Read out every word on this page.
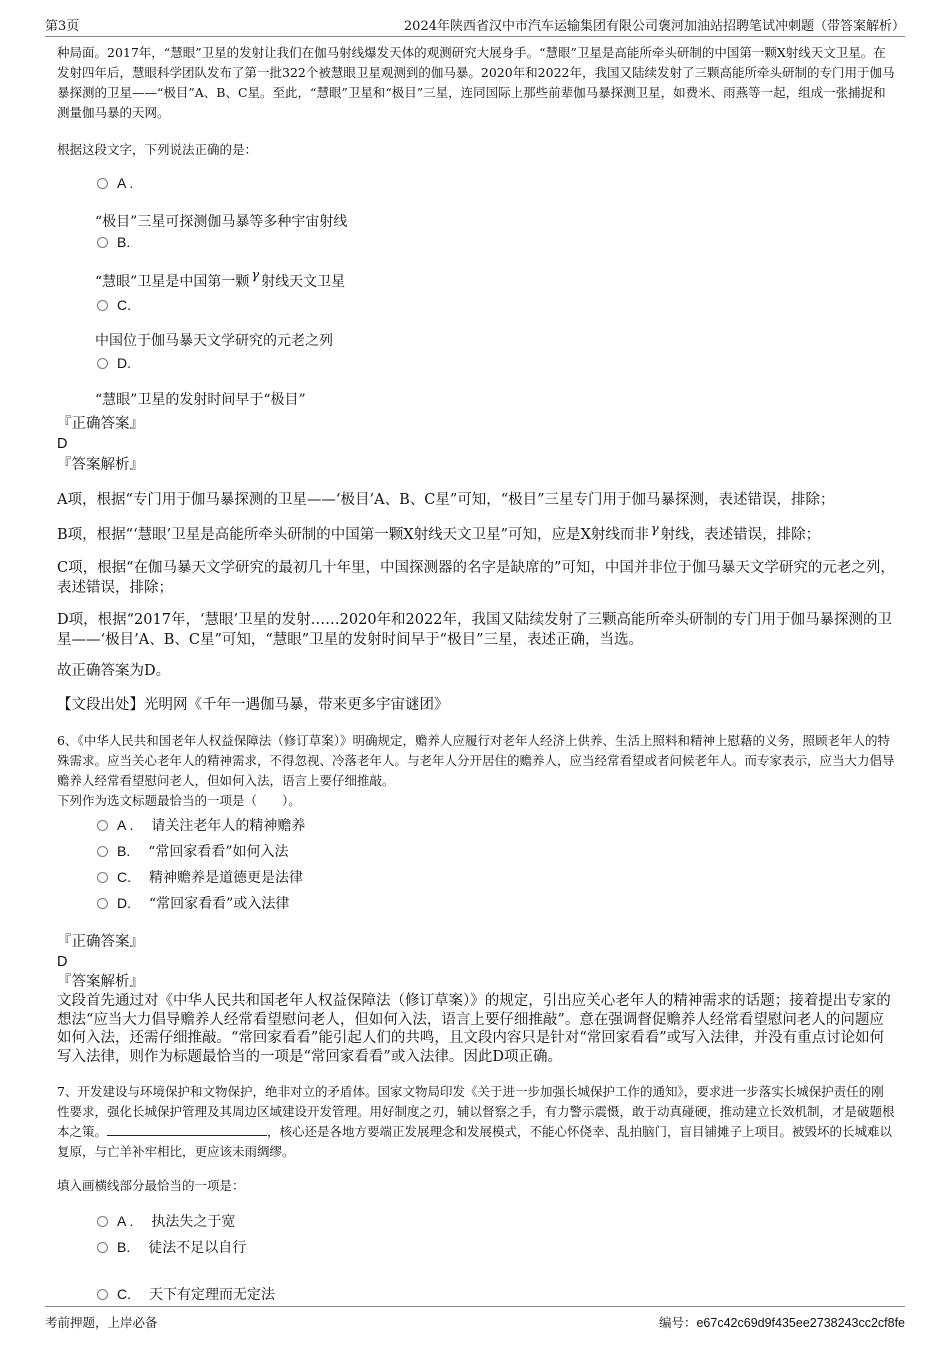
第3页	2024年陕西省汉中市汽车运输集团有限公司褒河加油站招聘笔试冲刺题（带答案解析）

种局面。2017年，“慧眼”卫星的发射让我们在伽马射线爆发天体的观测研究大展身手。“慧眼”卫星是高能所牵头研制的中国第一颗X射线天文卫星。在发射四年后，慧眼科学团队发布了第一批322个被慧眼卫星观测到的伽马暴。2020年和2022年，我国又陆续发射了三颗高能所牵头研制的专门用于伽马暴探测的卫星——“极目”A、B、C星。至此，“慧眼”卫星和“极目”三星，连同国际上那些前辈伽马暴探测卫星，如费米、雨燕等一起，组成一张捕捉和测量伽马暴的天网。

根据这段文字，下列说法正确的是：

A .
“极目”三星可探测伽马暴等多种宇宙射线
B.
“慧眼”卫星是中国第一颗 γ 射线天文卫星
C.
中国位于伽马暴天文学研究的元老之列
D.
“慧眼”卫星的发射时间早于“极目”
『正确答案』
D
『答案解析』

A项，根据“专门用于伽马暴探测的卫星——‘极目’A、B、C星”可知，“极目”三星专门用于伽马暴探测，表述错误，排除；

B项，根据“‘慧眼’卫星是高能所牵头研制的中国第一颗X射线天文卫星”可知，应是X射线而非 γ 射线，表述错误，排除；

C项，根据“在伽马暴天文学研究的最初几十年里，中国探测器的名字是缺席的”可知，中国并非位于伽马暴天文学研究的元老之列，表述错误，排除；

D项，根据“2017年，‘慧眼’卫星的发射……2020年和2022年，我国又陆续发射了三颗高能所牵头研制的专门用于伽马暴探测的卫星——‘极目’A、B、C星”可知，“慧眼”卫星的发射时间早于“极目”三星，表述正确，当选。

故正确答案为D。

【文段出处】光明网《千年一遇伽马暴，带来更多宇宙谜团》

6、《中华人民共和国老年人权益保障法（修订草案）》明确规定，赡养人应履行对老年人经济上供养、生活上照料和精神上慰藉的义务，照顾老年人的特殊需求。应当关心老年人的精神需求，不得忽视、冷落老年人。与老年人分开居住的赡养人，应当经常看望或者问候老年人。而专家表示，应当大力倡导赡养人经常看望慰问老人，但如何入法，语言上要仔细推敲。

下列作为选文标题最恰当的一项是（　　）。

A . 请关注老年人的精神赡养
B. “常回家看看”如何入法
C. 精神赡养是道德更是法律
D. “常回家看看”或入法律
『正确答案』
D
『答案解析』

文段首先通过对《中华人民共和国老年人权益保障法（修订草案）》的规定，引出应关心老年人的精神需求的话题；接着提出专家的想法“应当大力倡导赡养人经常看望慰问老人，但如何入法，语言上要仔细推敲”。意在强调督促赡养人经常看望慰问老人的问题应如何入法，还需仔细推敲。“常回家看看”能引起人们的共鸣，且文段内容只是针对“常回家看看”或写入法律，并没有重点讨论如何写入法律，则作为标题最恰当的一项是“常回家看看”或入法律。因此D项正确。

7、开发建设与环境保护和文物保护，绝非对立的矛盾体。国家文物局印发《关于进一步加强长城保护工作的通知》，要求进一步落实长城保护责任的刚性要求，强化长城保护管理及其周边区域建设开发管理。用好制度之刃，辅以督察之手，有力警示震慑，敢于动真碰硬，推动建立长效机制，才是破题根本之策。	，核心还是各地方要端正发展理念和发展模式，不能心怀侥幸、乱拍脑门，盲目铺摊子上项目。被毁坏的长城难以复原，与亡羊补牢相比，更应该未雨绸缪。

填入画横线部分最恰当的一项是：

A . 执法失之于宽
B. 徒法不足以自行
C. 天下有定理而无定法
考前押题，上岸必备	编号：e67c42c69d9f435ee2738243cc2cf8fe
